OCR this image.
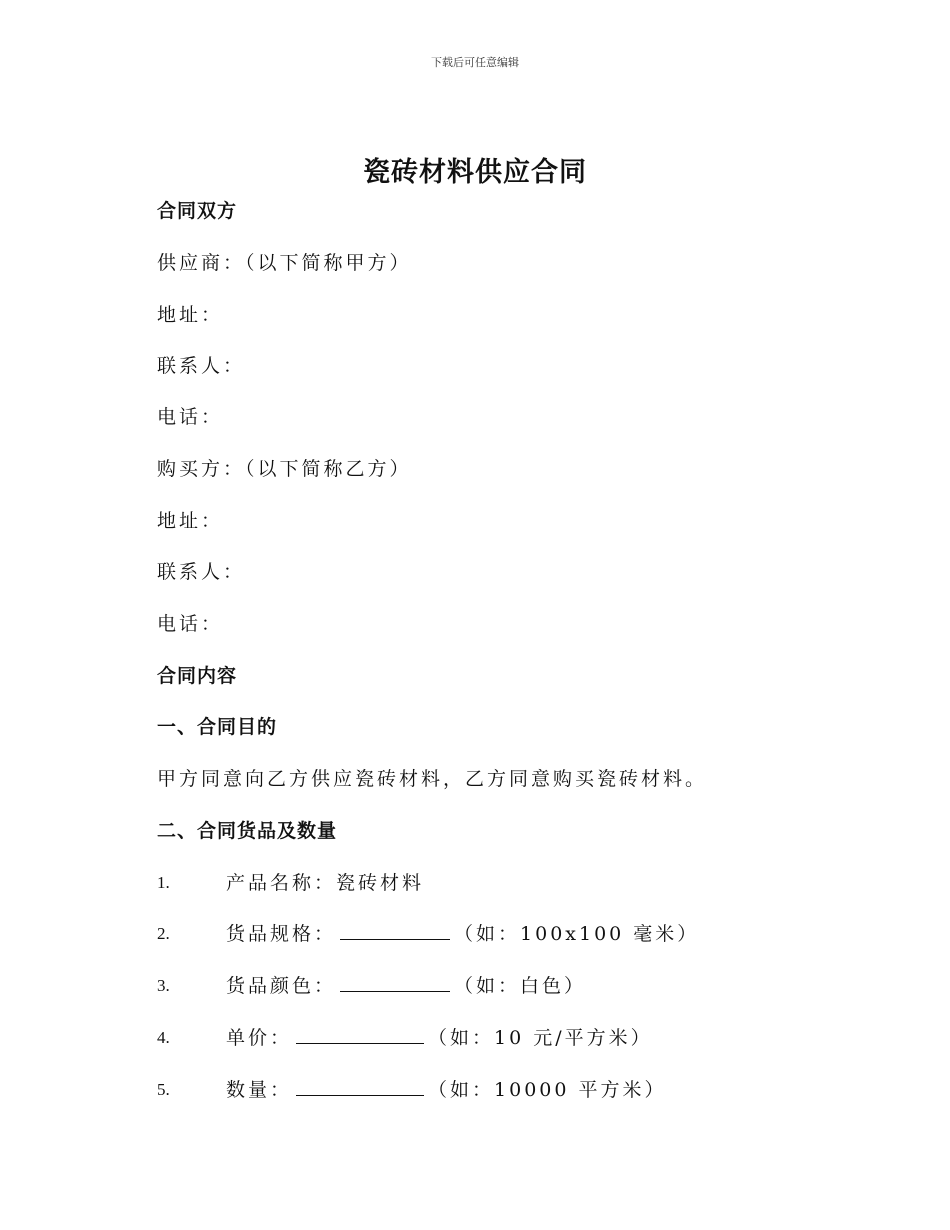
下载后可任意编辑
瓷砖材料供应合同
合同双方
供应商：（以下简称甲方）
地址：
联系人：
电话：
购买方：（以下简称乙方）
地址：
联系人：
电话：
合同内容
一、合同目的
甲方同意向乙方供应瓷砖材料，乙方同意购买瓷砖材料。
二、合同货品及数量
1.	产品名称：瓷砖材料
2.	货品规格：	（如：100x100 毫米）
3.	货品颜色：	（如：白色）
4.	单价：	（如：10 元/平方米）
5.	数量：	（如：10000 平方米）
